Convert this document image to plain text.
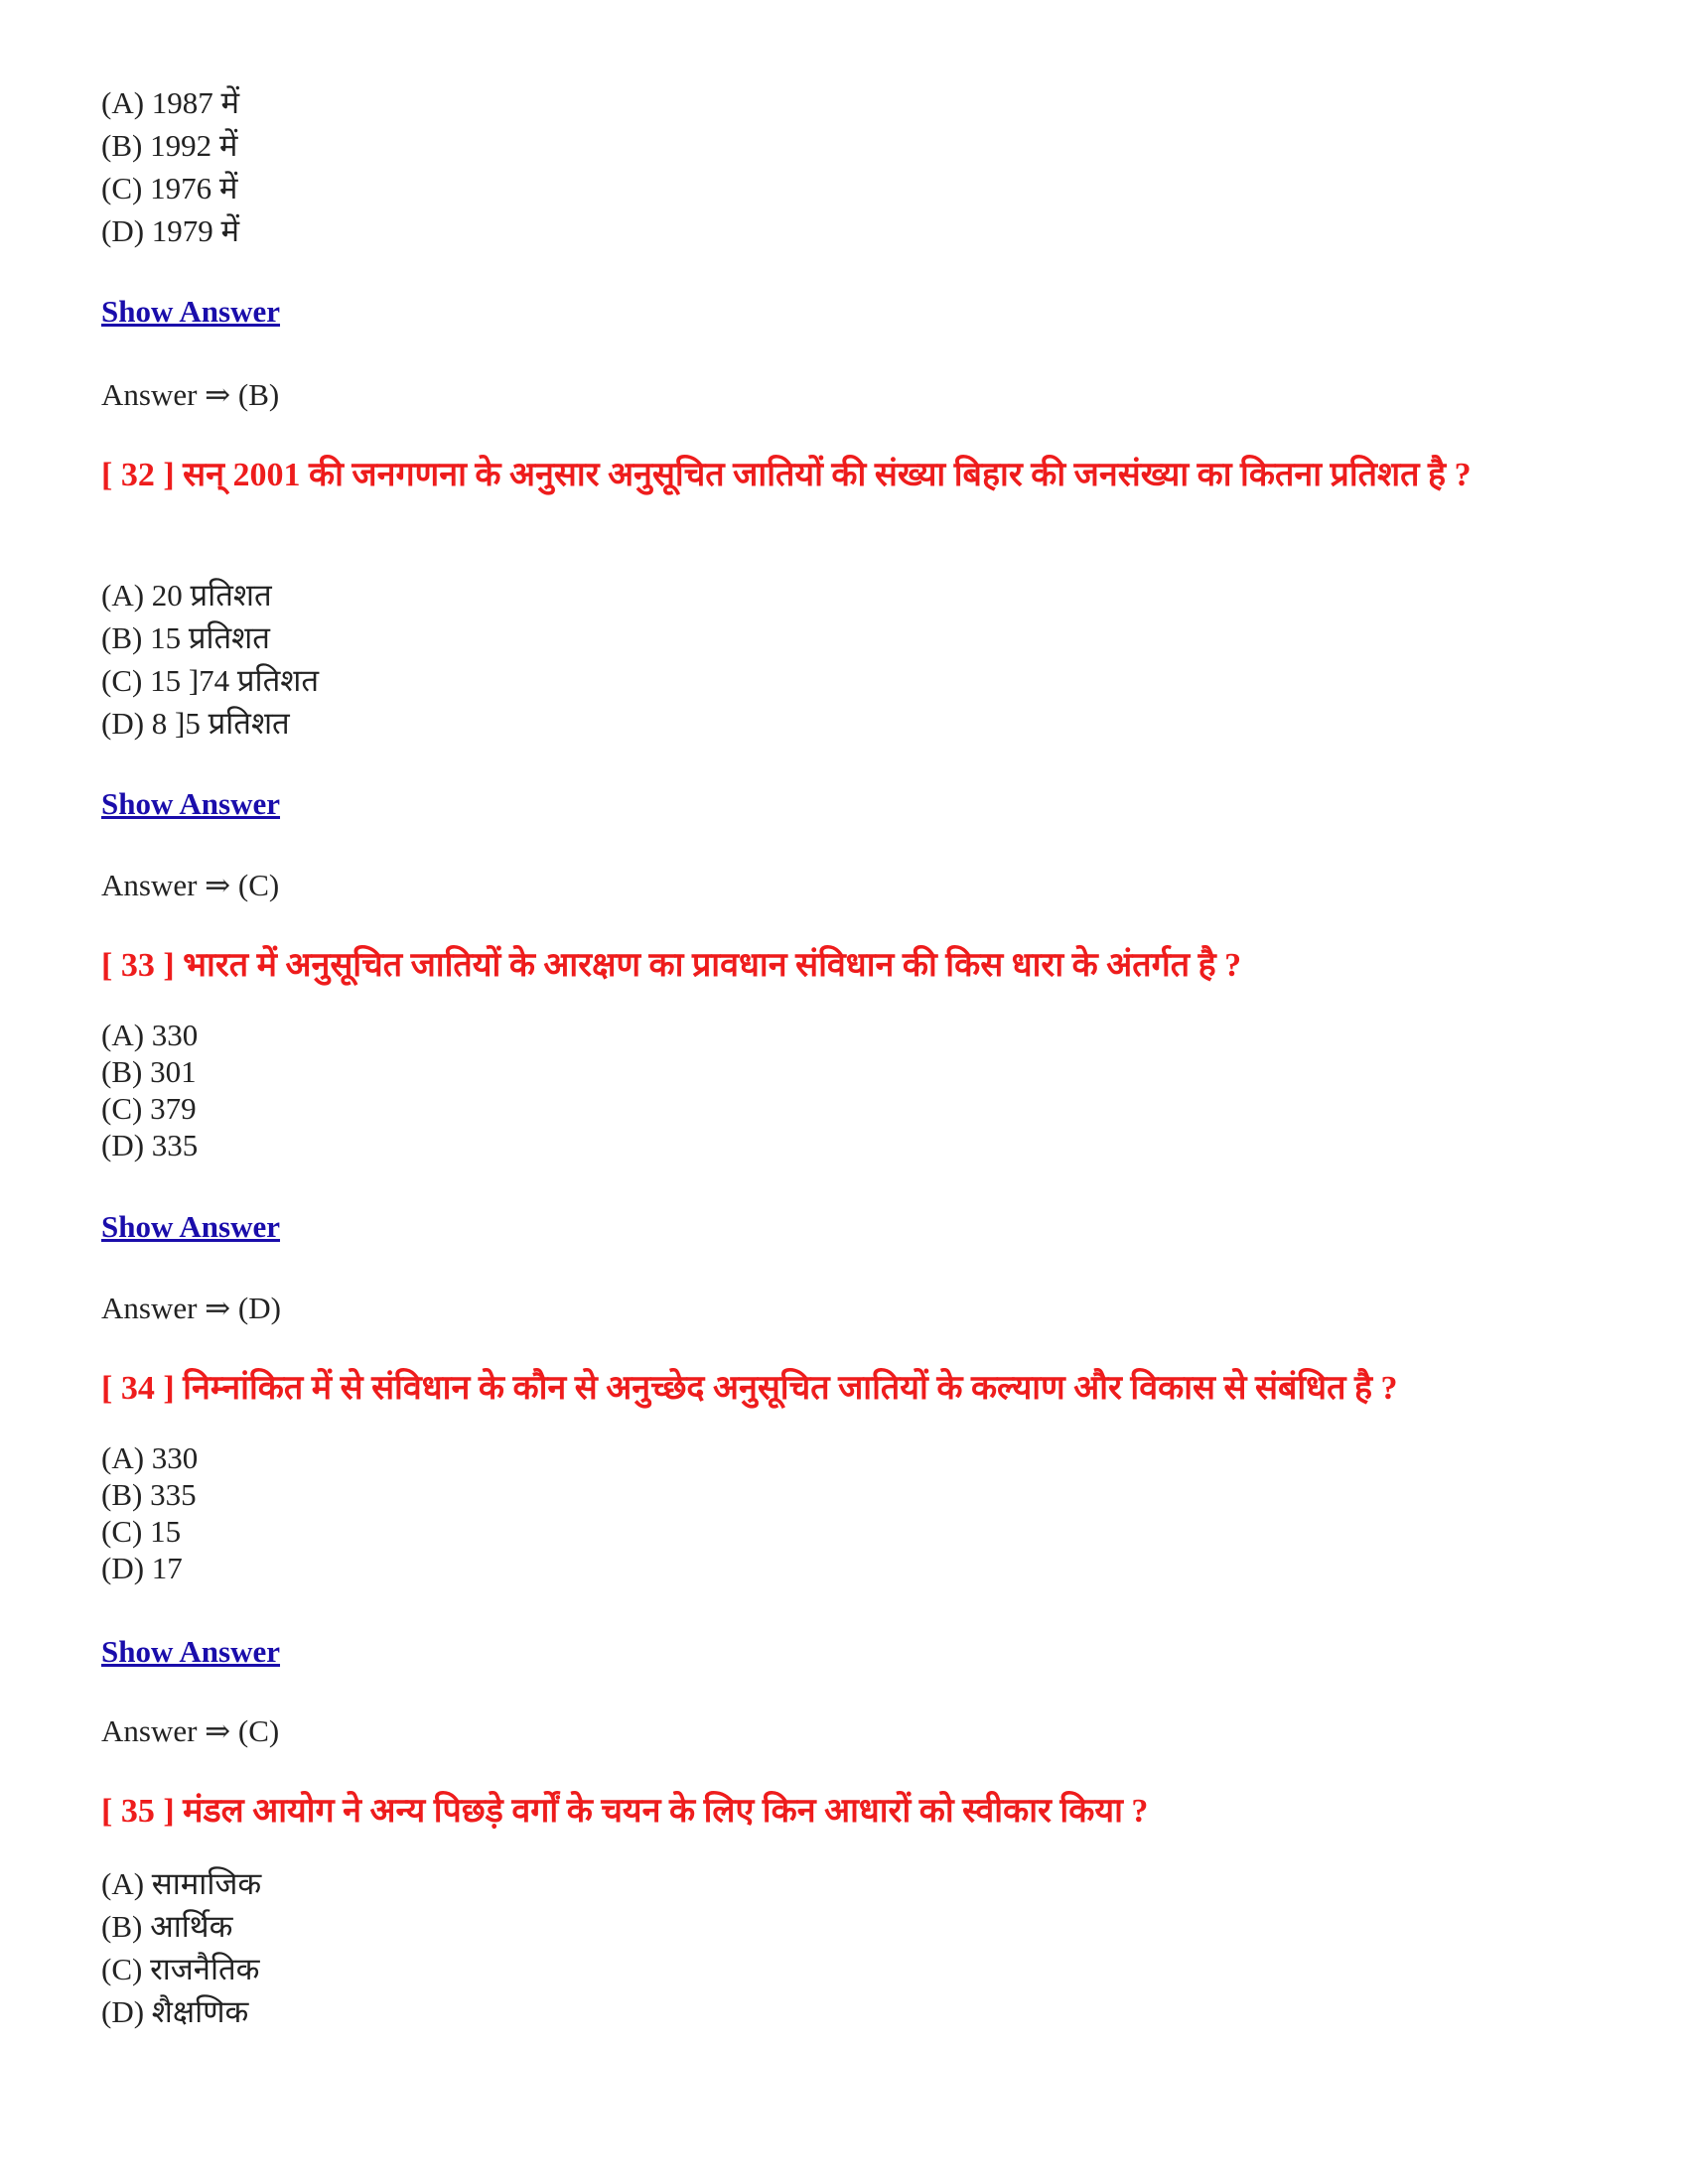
(A) 1987 में
(B) 1992 में
(C) 1976 में
(D) 1979 में
Show Answer
Answer ⇒ (B)
[ 32 ] सन् 2001 की जनगणना के अनुसार अनुसूचित जातियों की संख्या बिहार की जनसंख्या का कितना प्रतिशत है ?
(A) 20 प्रतिशत
(B) 15 प्रतिशत
(C) 15 ]74 प्रतिशत
(D) 8 ]5 प्रतिशत
Show Answer
Answer ⇒ (C)
[ 33 ] भारत में अनुसूचित जातियों के आरक्षण का प्रावधान संविधान की किस धारा के अंतर्गत है ?
(A) 330
(B) 301
(C) 379
(D) 335
Show Answer
Answer ⇒ (D)
[ 34 ] निम्नांकित में से संविधान के कौन से अनुच्छेद अनुसूचित जातियों के कल्याण और विकास से संबंधित है ?
(A) 330
(B) 335
(C) 15
(D) 17
Show Answer
Answer ⇒ (C)
[ 35 ] मंडल आयोग ने अन्य पिछड़े वर्गों के चयन के लिए किन आधारों को स्वीकार किया ?
(A) सामाजिक
(B) आर्थिक
(C) राजनैतिक
(D) शैक्षणिक
